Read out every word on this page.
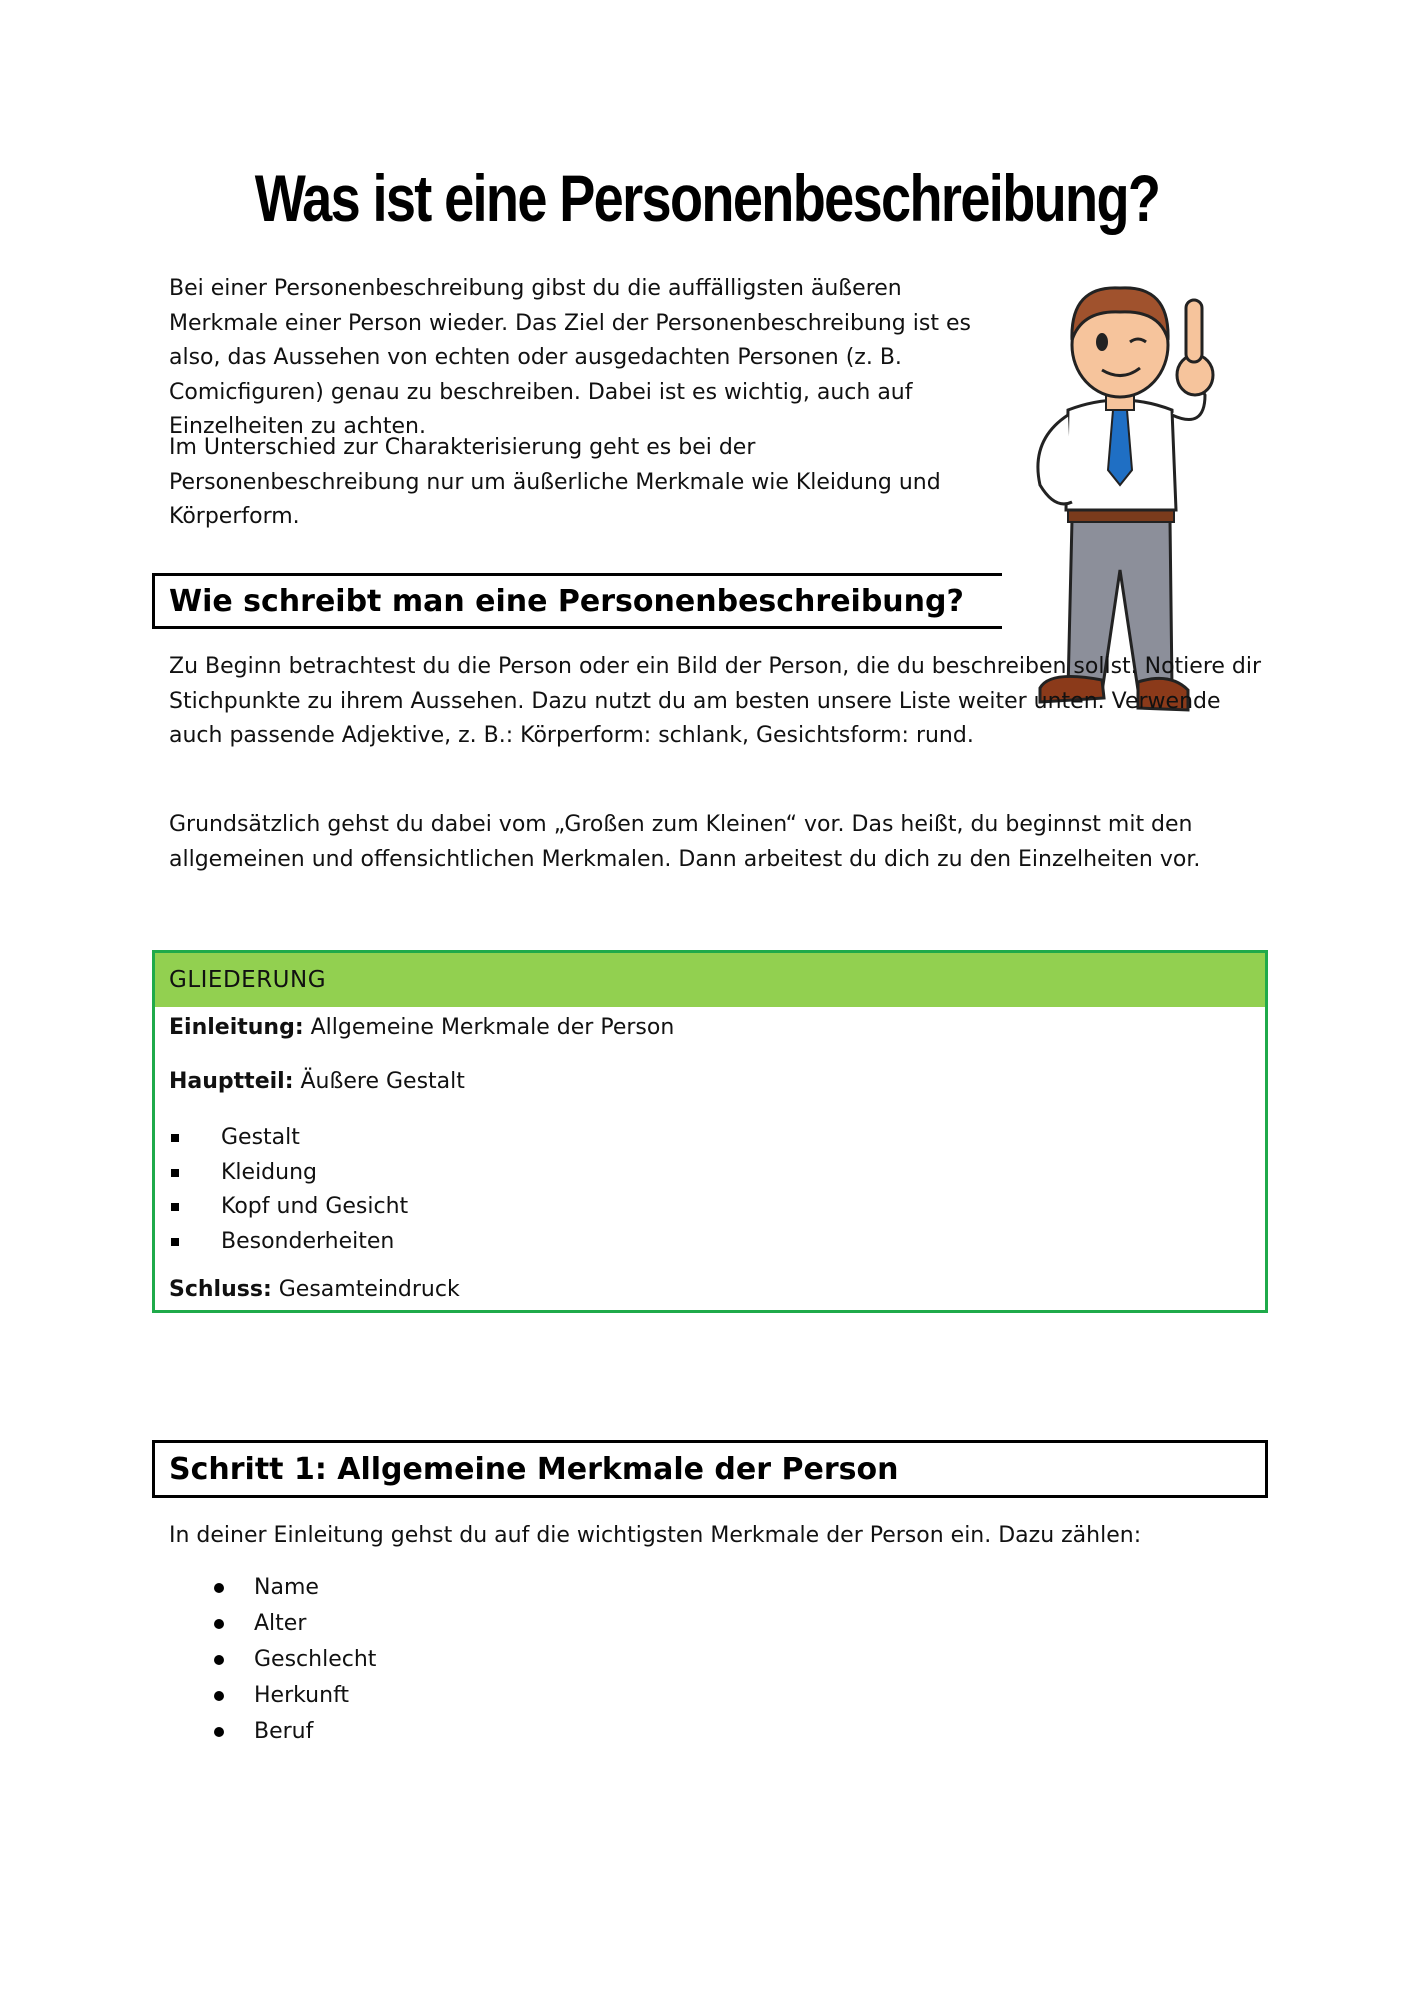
Was ist eine Personenbeschreibung?

Bei einer Personenbeschreibung gibst du die auffälligsten äußeren Merkmale einer Person wieder. Das Ziel der Personenbeschreibung ist es also, das Aussehen von echten oder ausgedachten Personen (z. B. Comicfiguren) genau zu beschreiben. Dabei ist es wichtig, auch auf Einzelheiten zu achten.

Im Unterschied zur Charakterisierung geht es bei der Personenbeschreibung nur um äußerliche Merkmale wie Kleidung und Körperform.

Wie schreibt man eine Personenbeschreibung?

Zu Beginn betrachtest du die Person oder ein Bild der Person, die du beschreiben sollst. Notiere dir Stichpunkte zu ihrem Aussehen. Dazu nutzt du am besten unsere Liste weiter unten. Verwende auch passende Adjektive, z. B.: Körperform: schlank, Gesichtsform: rund.

Grundsätzlich gehst du dabei vom „Großen zum Kleinen“ vor. Das heißt, du beginnst mit den allgemeinen und offensichtlichen Merkmalen. Dann arbeitest du dich zu den Einzelheiten vor.

GLIEDERUNG
Einleitung: Allgemeine Merkmale der Person
Hauptteil: Äußere Gestalt
Gestalt
Kleidung
Kopf und Gesicht
Besonderheiten
Schluss: Gesamteindruck
Schritt 1: Allgemeine Merkmale der Person

In deiner Einleitung gehst du auf die wichtigsten Merkmale der Person ein. Dazu zählen:

Name
Alter
Geschlecht
Herkunft
Beruf
